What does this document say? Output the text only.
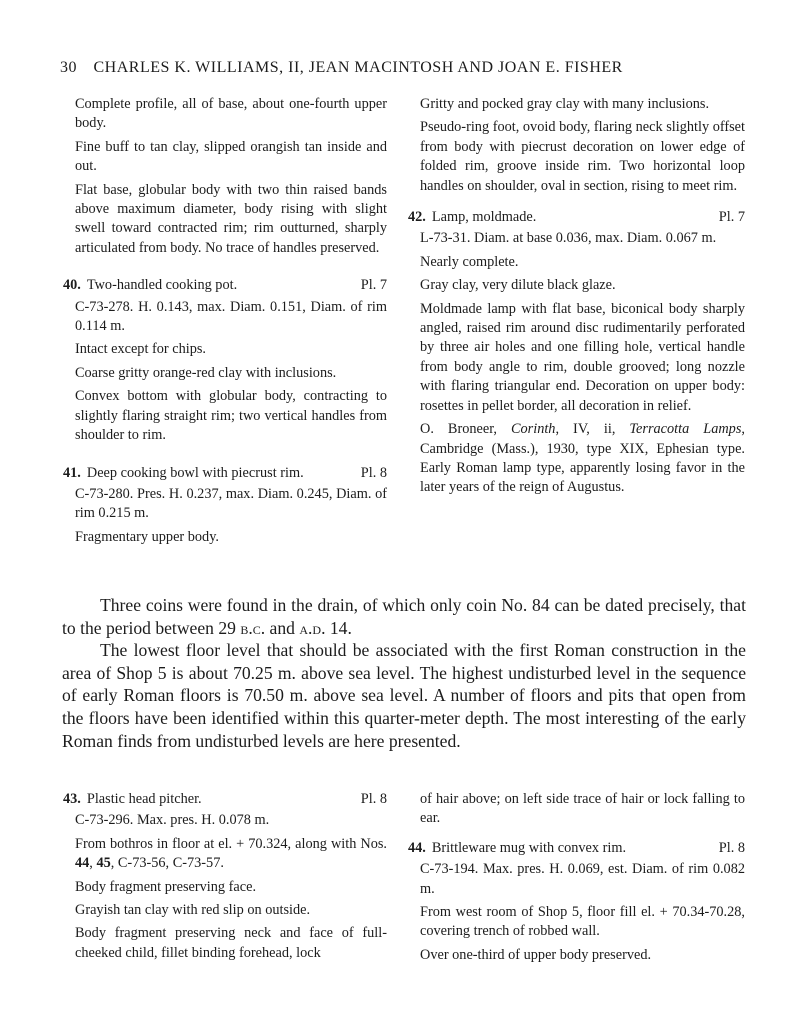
30 CHARLES K. WILLIAMS, II, JEAN MACINTOSH AND JOAN E. FISHER

Complete profile, all of base, about one-fourth upper body.

Fine buff to tan clay, slipped orangish tan inside and out.

Flat base, globular body with two thin raised bands above maximum diameter, body rising with slight swell toward contracted rim; rim outturned, sharply articulated from body. No trace of handles preserved.

40. Two-handled cooking pot.	Pl. 7

C-73-278. H. 0.143, max. Diam. 0.151, Diam. of rim 0.114 m.

Intact except for chips.

Coarse gritty orange-red clay with inclusions.

Convex bottom with globular body, contracting to slightly flaring straight rim; two vertical handles from shoulder to rim.

41. Deep cooking bowl with piecrust rim.	Pl. 8

C-73-280. Pres. H. 0.237, max. Diam. 0.245, Diam. of rim 0.215 m.

Fragmentary upper body.

Gritty and pocked gray clay with many inclusions.

Pseudo-ring foot, ovoid body, flaring neck slightly offset from body with piecrust decoration on lower edge of folded rim, groove inside rim. Two horizontal loop handles on shoulder, oval in section, rising to meet rim.

42. Lamp, moldmade.	Pl. 7

L-73-31. Diam. at base 0.036, max. Diam. 0.067 m.

Nearly complete.

Gray clay, very dilute black glaze.

Moldmade lamp with flat base, biconical body sharply angled, raised rim around disc rudimentarily perforated by three air holes and one filling hole, vertical handle from body angle to rim, double grooved; long nozzle with flaring triangular end. Decoration on upper body: rosettes in pellet border, all decoration in relief.

O. Broneer, Corinth, IV, ii, Terracotta Lamps, Cambridge (Mass.), 1930, type XIX, Ephesian type. Early Roman lamp type, apparently losing favor in the later years of the reign of Augustus.

Three coins were found in the drain, of which only coin No. 84 can be dated precisely, that to the period between 29 b.c. and a.d. 14.

The lowest floor level that should be associated with the first Roman construction in the area of Shop 5 is about 70.25 m. above sea level. The highest undisturbed level in the sequence of early Roman floors is 70.50 m. above sea level. A number of floors and pits that open from the floors have been identified within this quarter-meter depth. The most interesting of the early Roman finds from undisturbed levels are here presented.

43. Plastic head pitcher.	Pl. 8

C-73-296. Max. pres. H. 0.078 m.

From bothros in floor at el. + 70.324, along with Nos. 44, 45, C-73-56, C-73-57.

Body fragment preserving face.

Grayish tan clay with red slip on outside.

Body fragment preserving neck and face of full-cheeked child, fillet binding forehead, lock

of hair above; on left side trace of hair or lock falling to ear.

44. Brittleware mug with convex rim.	Pl. 8

C-73-194. Max. pres. H. 0.069, est. Diam. of rim 0.082 m.

From west room of Shop 5, floor fill el. + 70.34-70.28, covering trench of robbed wall.

Over one-third of upper body preserved.
